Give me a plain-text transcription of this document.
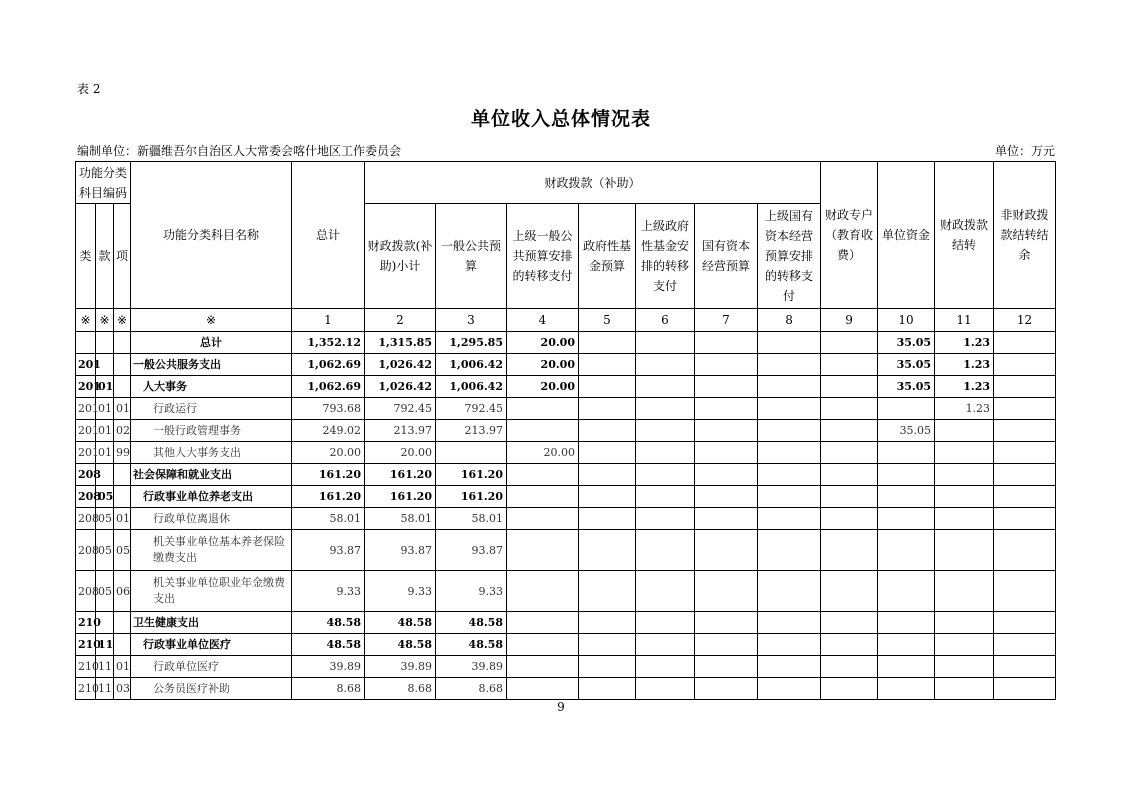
表 2
单位收入总体情况表
编制单位：新疆维吾尔自治区人大常委会喀什地区工作委员会	单位：万元
功能分类科目编码			功能分类科目名称	总计	财政拨款（补助）							财政专户（教育收费）	单位资金	财政拨款结转	非财政拨款结转结余
类	款	项			财政拨款(补助)小计	一般公共预算	上级一般公共预算安排的转移支付	政府性基金预算	上级政府性基金安排的转移支付	国有资本经营预算	上级国有资本经营预算安排的转移支付				
※	※	※	※	1	2	3	4	5	6	7	8	9	10	11	12
			总计	1,352.12	1,315.85	1,295.85	20.00						35.05	1.23	
201			一般公共服务支出	1,062.69	1,026.42	1,006.42	20.00						35.05	1.23	
201	01		人大事务	1,062.69	1,026.42	1,006.42	20.00						35.05	1.23	
201	01	01	行政运行	793.68	792.45	792.45								1.23	
201	01	02	一般行政管理事务	249.02	213.97	213.97							35.05		
201	01	99	其他人大事务支出	20.00	20.00		20.00								
208			社会保障和就业支出	161.20	161.20	161.20									
208	05		行政事业单位养老支出	161.20	161.20	161.20									
208	05	01	行政单位离退休	58.01	58.01	58.01									
208	05	05	机关事业单位基本养老保险缴费支出	93.87	93.87	93.87									
208	05	06	机关事业单位职业年金缴费支出	9.33	9.33	9.33									
210			卫生健康支出	48.58	48.58	48.58									
210	11		行政事业单位医疗	48.58	48.58	48.58									
210	11	01	行政单位医疗	39.89	39.89	39.89									
210	11	03	公务员医疗补助	8.68	8.68	8.68									
9
